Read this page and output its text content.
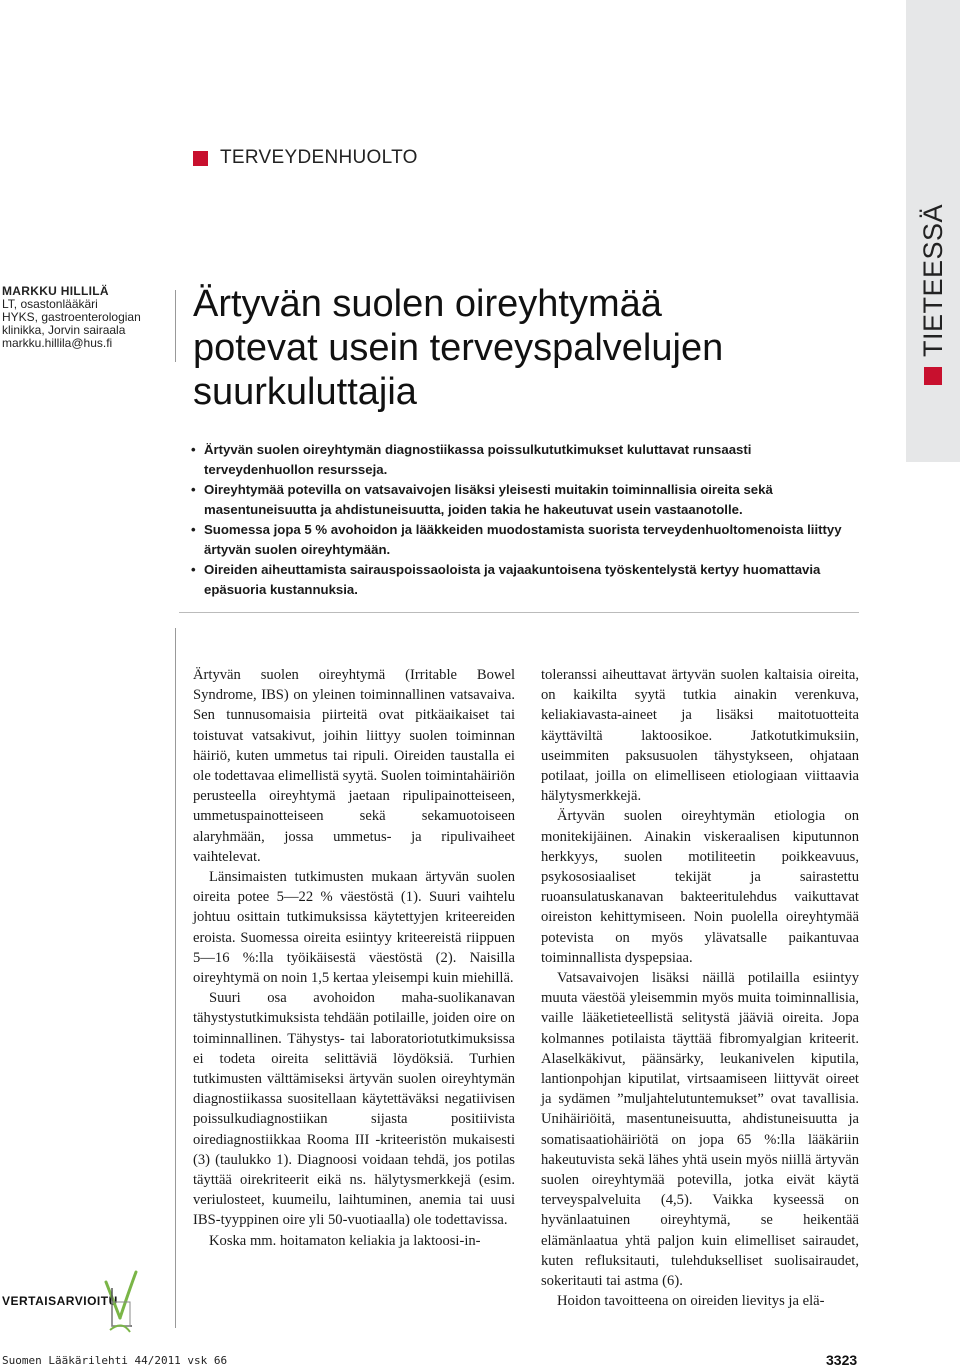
TIETEESSÄ
TERVEYDENHUOLTO
MARKKU HILLILÄ
LT, osastonlääkäri
HYKS, gastroenterologian
klinikka, Jorvin sairaala
markku.hillila@hus.fi
Ärtyvän suolen oireyhtymää
potevat usein terveyspalvelujen
suurkuluttajia
• Ärtyvän suolen oireyhtymän diagnostiikassa poissulkututkimukset kuluttavat runsaasti terveydenhuollon resursseja.
• Oireyhtymää potevilla on vatsavaivojen lisäksi yleisesti muitakin toiminnallisia oireita sekä masentuneisuutta ja ahdistuneisuutta, joiden takia he hakeutuvat usein vastaanotolle.
• Suomessa jopa 5 % avohoidon ja lääkkeiden muodostamista suorista terveydenhuoltomenoista liittyy ärtyvän suolen oireyhtymään.
• Oireiden aiheuttamista sairauspoissaoloista ja vajaakuntoisena työskentelystä kertyy huomattavia epäsuoria kustannuksia.

Ärtyvän suolen oireyhtymä (Irritable Bowel Syndrome, IBS) on yleinen toiminnallinen vatsavaiva. Sen tunnusomaisia piirteitä ovat pitkäaikaiset tai toistuvat vatsakivut, joihin liittyy suolen toiminnan häiriö, kuten ummetus tai ripuli. Oireiden taustalla ei ole todettavaa elimellistä syytä. Suolen toimintahäiriön perusteella oireyhtymä jaetaan ripulipainotteiseen, ummetuspainotteiseen sekä sekamuotoiseen alaryhmään, jossa ummetus- ja ripulivaiheet vaihtelevat.

Länsimaisten tutkimusten mukaan ärtyvän suolen oireita potee 5—22 % väestöstä (1). Suuri vaihtelu johtuu osittain tutkimuksissa käytettyjen kriteereiden eroista. Suomessa oireita esiintyy kriteereistä riippuen 5—16 %:lla työikäisestä väestöstä (2). Naisilla oireyhtymä on noin 1,5 kertaa yleisempi kuin miehillä.

Suuri osa avohoidon maha-suolikanavan tähystystutkimuksista tehdään potilaille, joiden oire on toiminnallinen. Tähystys- tai laboratoriotutkimuksissa ei todeta oireita selittäviä löydöksiä. Turhien tutkimusten välttämiseksi ärtyvän suolen oireyhtymän diagnostiikassa suositellaan käytettäväksi negatiivisen poissulkudiagnostiikan sijasta positiivista oirediagnostiikkaa Rooma III -kriteeristön mukaisesti (3) (taulukko 1). Diagnoosi voidaan tehdä, jos potilas täyttää oirekriteerit eikä ns. hälytysmerkkejä (esim. veriulosteet, kuumeilu, laihtuminen, anemia tai uusi IBS-tyyppinen oire yli 50-vuotiaalla) ole todettavissa.

Koska mm. hoitamaton keliakia ja laktoosi-in-

toleranssi aiheuttavat ärtyvän suolen kaltaisia oireita, on kaikilta syytä tutkia ainakin verenkuva, keliakiavasta-aineet ja lisäksi maitotuotteita käyttäviltä laktoosikoe. Jatkotutkimuksiin, useimmiten paksusuolen tähystykseen, ohjataan potilaat, joilla on elimelliseen etiologiaan viittaavia hälytysmerkkejä.

Ärtyvän suolen oireyhtymän etiologia on monitekijäinen. Ainakin viskeraalisen kiputunnon herkkyys, suolen motiliteetin poikkeavuus, psykososiaaliset tekijät ja sairastettu ruoansulatuskanavan bakteeritulehdus vaikuttavat oireiston kehittymiseen. Noin puolella oireyhtymää potevista on myös ylävatsalle paikantuvaa toiminnallista dyspepsiaa.

Vatsavaivojen lisäksi näillä potilailla esiintyy muuta väestöä yleisemmin myös muita toiminnallisia, vaille lääketieteellistä selitystä jääviä oireita. Jopa kolmannes potilaista täyttää fibromyalgian kriteerit. Alaselkäkivut, päänsärky, leukanivelen kiputila, lantionpohjan kiputilat, virtsaamiseen liittyvät oireet ja sydämen ”muljahtelutuntemukset” ovat tavallisia. Unihäiriöitä, masentuneisuutta, ahdistuneisuutta ja somatisaatiohäiriötä on jopa 65 %:lla lääkäriin hakeutuvista sekä lähes yhtä usein myös niillä ärtyvän suolen oireyhtymää potevilla, jotka eivät käytä terveyspalveluita (4,5). Vaikka kyseessä on hyvänlaatuinen oireyhtymä, se heikentää elämänlaatua yhtä paljon kuin elimelliset sairaudet, kuten refluksitauti, tulehdukselliset suolisairaudet, sokeritauti tai astma (6).

Hoidon tavoitteena on oireiden lievitys ja elä-

VERTAISARVIOITU
Suomen Lääkärilehti 44/2011 vsk 66	3323
